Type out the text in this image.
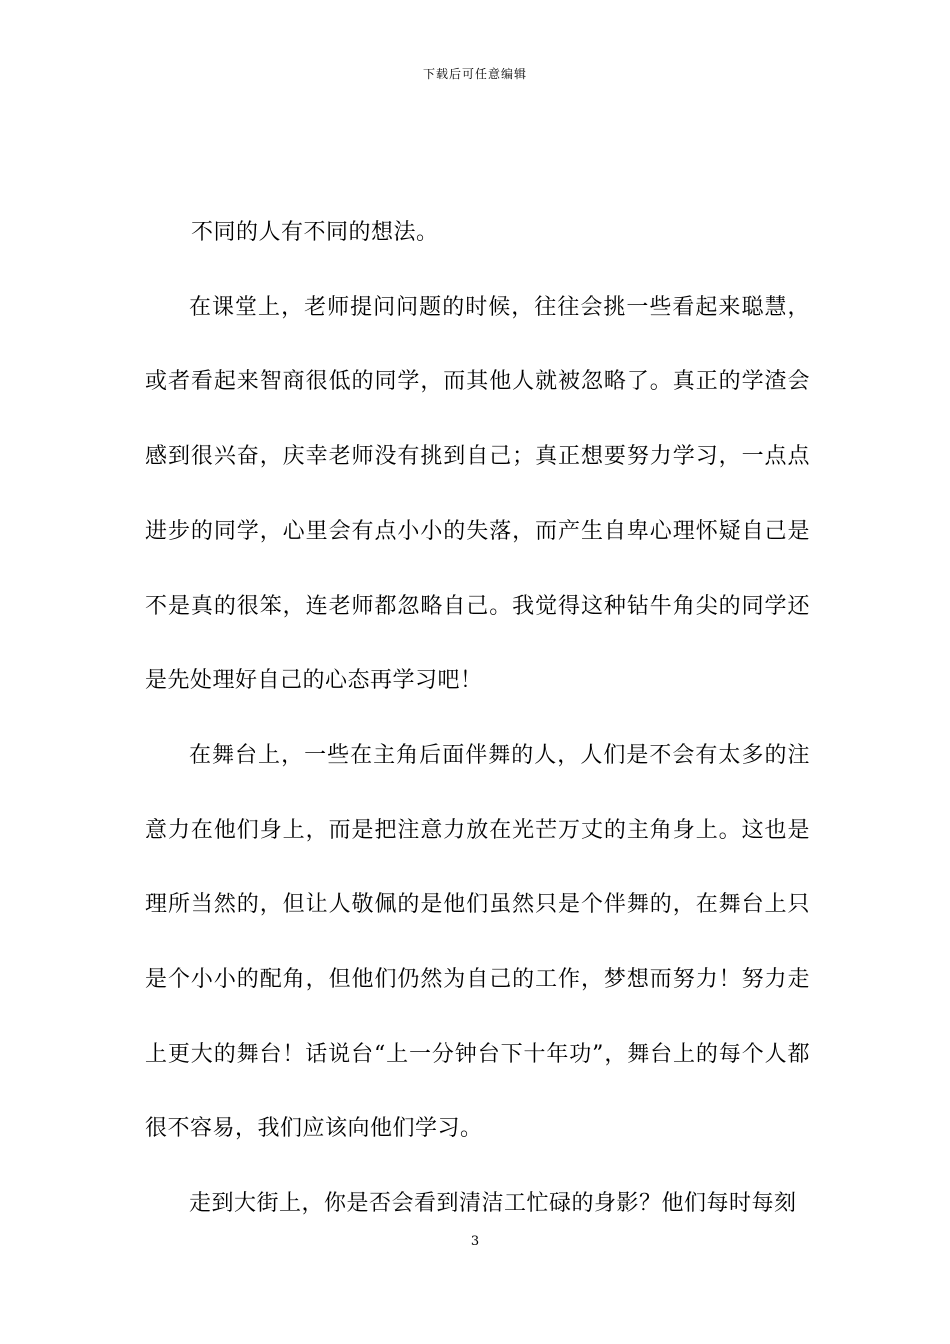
下载后可任意编辑

不同的人有不同的想法。

在课堂上，老师提问问题的时候，往往会挑一些看起来聪慧，或者看起来智商很低的同学，而其他人就被忽略了。真正的学渣会感到很兴奋，庆幸老师没有挑到自己；真正想要努力学习，一点点进步的同学，心里会有点小小的失落，而产生自卑心理怀疑自己是不是真的很笨，连老师都忽略自己。我觉得这种钻牛角尖的同学还是先处理好自己的心态再学习吧！

在舞台上，一些在主角后面伴舞的人，人们是不会有太多的注意力在他们身上，而是把注意力放在光芒万丈的主角身上。这也是理所当然的，但让人敬佩的是他们虽然只是个伴舞的，在舞台上只是个小小的配角，但他们仍然为自己的工作，梦想而努力！努力走上更大的舞台！话说台“上一分钟台下十年功”，舞台上的每个人都很不容易，我们应该向他们学习。

走到大街上，你是否会看到清洁工忙碌的身影？他们每时每刻

3
